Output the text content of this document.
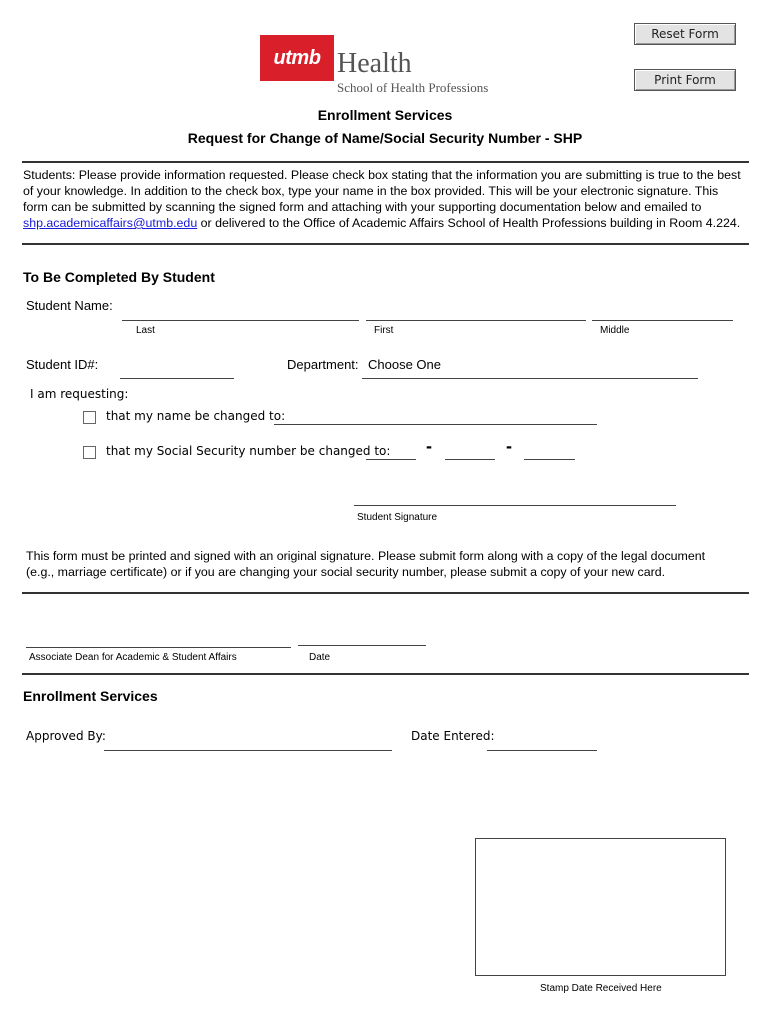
Reset Form
Print Form
utmb Health
School of Health Professions
Enrollment Services
Request for Change of Name/Social Security Number - SHP
Students: Please provide information requested. Please check box stating that the information you are submitting is true to the best of your knowledge. In addition to the check box, type your name in the box provided. This will be your electronic signature. This form can be submitted by scanning the signed form and attaching with your supporting documentation below and emailed to shp.academicaffairs@utmb.edu or delivered to the Office of Academic Affairs School of Health Professions building in Room 4.224.
To Be Completed By Student
Student Name:
Last	First	Middle
Student ID#:	Department: Choose One
I am requesting:
that my name be changed to:
that my Social Security number be changed to: -	-
Student Signature
This form must be printed and signed with an original signature. Please submit form along with a copy of the legal document (e.g., marriage certificate) or if you are changing your social security number, please submit a copy of your new card.
Associate Dean for Academic & Student Affairs	Date
Enrollment Services
Approved By:	Date Entered:
Stamp Date Received Here
